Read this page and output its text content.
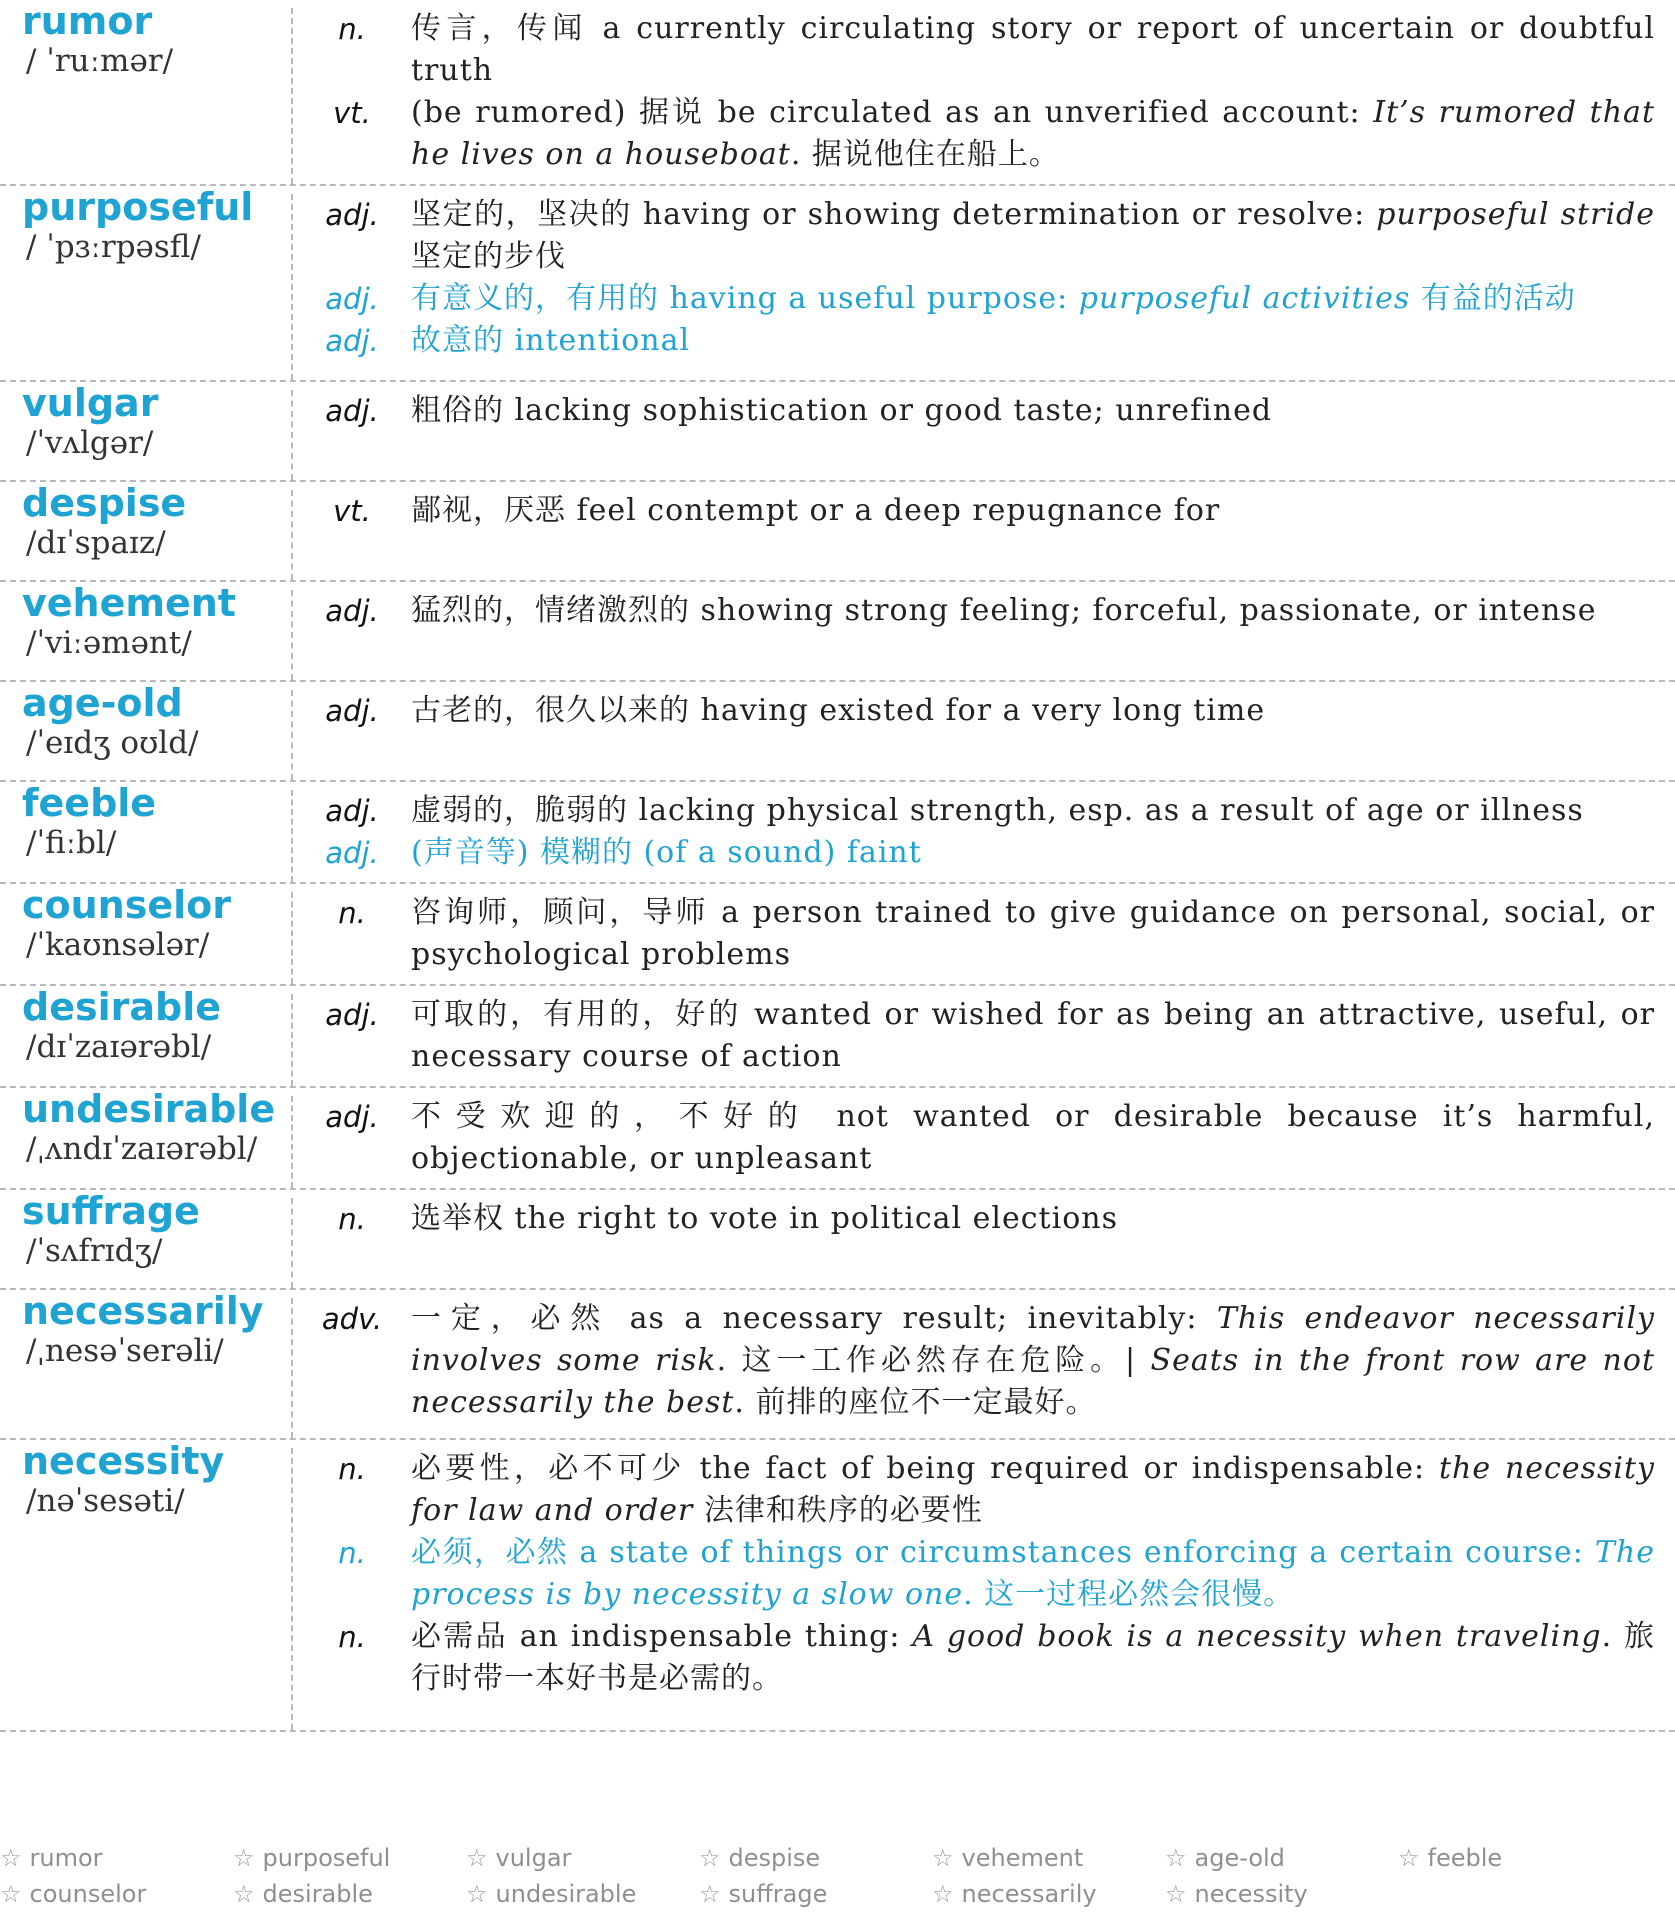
rumor
/ ˈruːmər/
n.	传言，传闻 a currently circulating story or report of uncertain or doubtful truth
vt.	(be rumored) 据说 be circulated as an unverified account: It’s rumored that he lives on a houseboat. 据说他住在船上。
purposeful
/ ˈpɜːrpəsfl/
adj.	坚定的，坚决的 having or showing determination or resolve: purposeful stride 坚定的步伐
adj.	有意义的，有用的 having a useful purpose: purposeful activities 有益的活动
adj.	故意的 intentional
vulgar
/ˈvʌlgər/
adj.	粗俗的 lacking sophistication or good taste; unrefined
despise
/dɪˈspaɪz/
vt.	鄙视，厌恶 feel contempt or a deep repugnance for
vehement
/ˈviːəmənt/
adj.	猛烈的，情绪激烈的 showing strong feeling; forceful, passionate, or intense
age-old
/ˈeɪdʒ oʊld/
adj.	古老的，很久以来的 having existed for a very long time
feeble
/ˈfiːbl/
adj.	虚弱的，脆弱的 lacking physical strength, esp. as a result of age or illness
adj.	(声音等) 模糊的 (of a sound) faint
counselor
/ˈkaʊnsələr/
n.	咨询师，顾问，导师 a person trained to give guidance on personal, social, or psychological problems
desirable
/dɪˈzaɪərəbl/
adj.	可取的，有用的，好的 wanted or wished for as being an attractive, useful, or necessary course of action
undesirable
/ˌʌndɪˈzaɪərəbl/
adj.	不受欢迎的，不好的 not wanted or desirable because it’s harmful, objectionable, or unpleasant
suffrage
/ˈsʌfrɪdʒ/
n.	选举权 the right to vote in political elections
necessarily
/ˌnesəˈserəli/
adv. 一定，必然 as a necessary result; inevitably: This endeavor necessarily involves some risk. 这一工作必然存在危险。| Seats in the front row are not necessarily the best. 前排的座位不一定最好。
necessity
/nəˈsesəti/
n.	必要性，必不可少 the fact of being required or indispensable: the necessity for law and order 法律和秩序的必要性
n.	必须，必然 a state of things or circumstances enforcing a certain course: The process is by necessity a slow one. 这一过程必然会很慢。
n.	必需品 an indispensable thing: A good book is a necessity when traveling. 旅行时带一本好书是必需的。
☆ rumor	☆ purposeful	☆ vulgar	☆ despise	☆ vehement	☆ age-old	☆ feeble
☆ counselor	☆ desirable	☆ undesirable	☆ suffrage	☆ necessarily	☆ necessity
